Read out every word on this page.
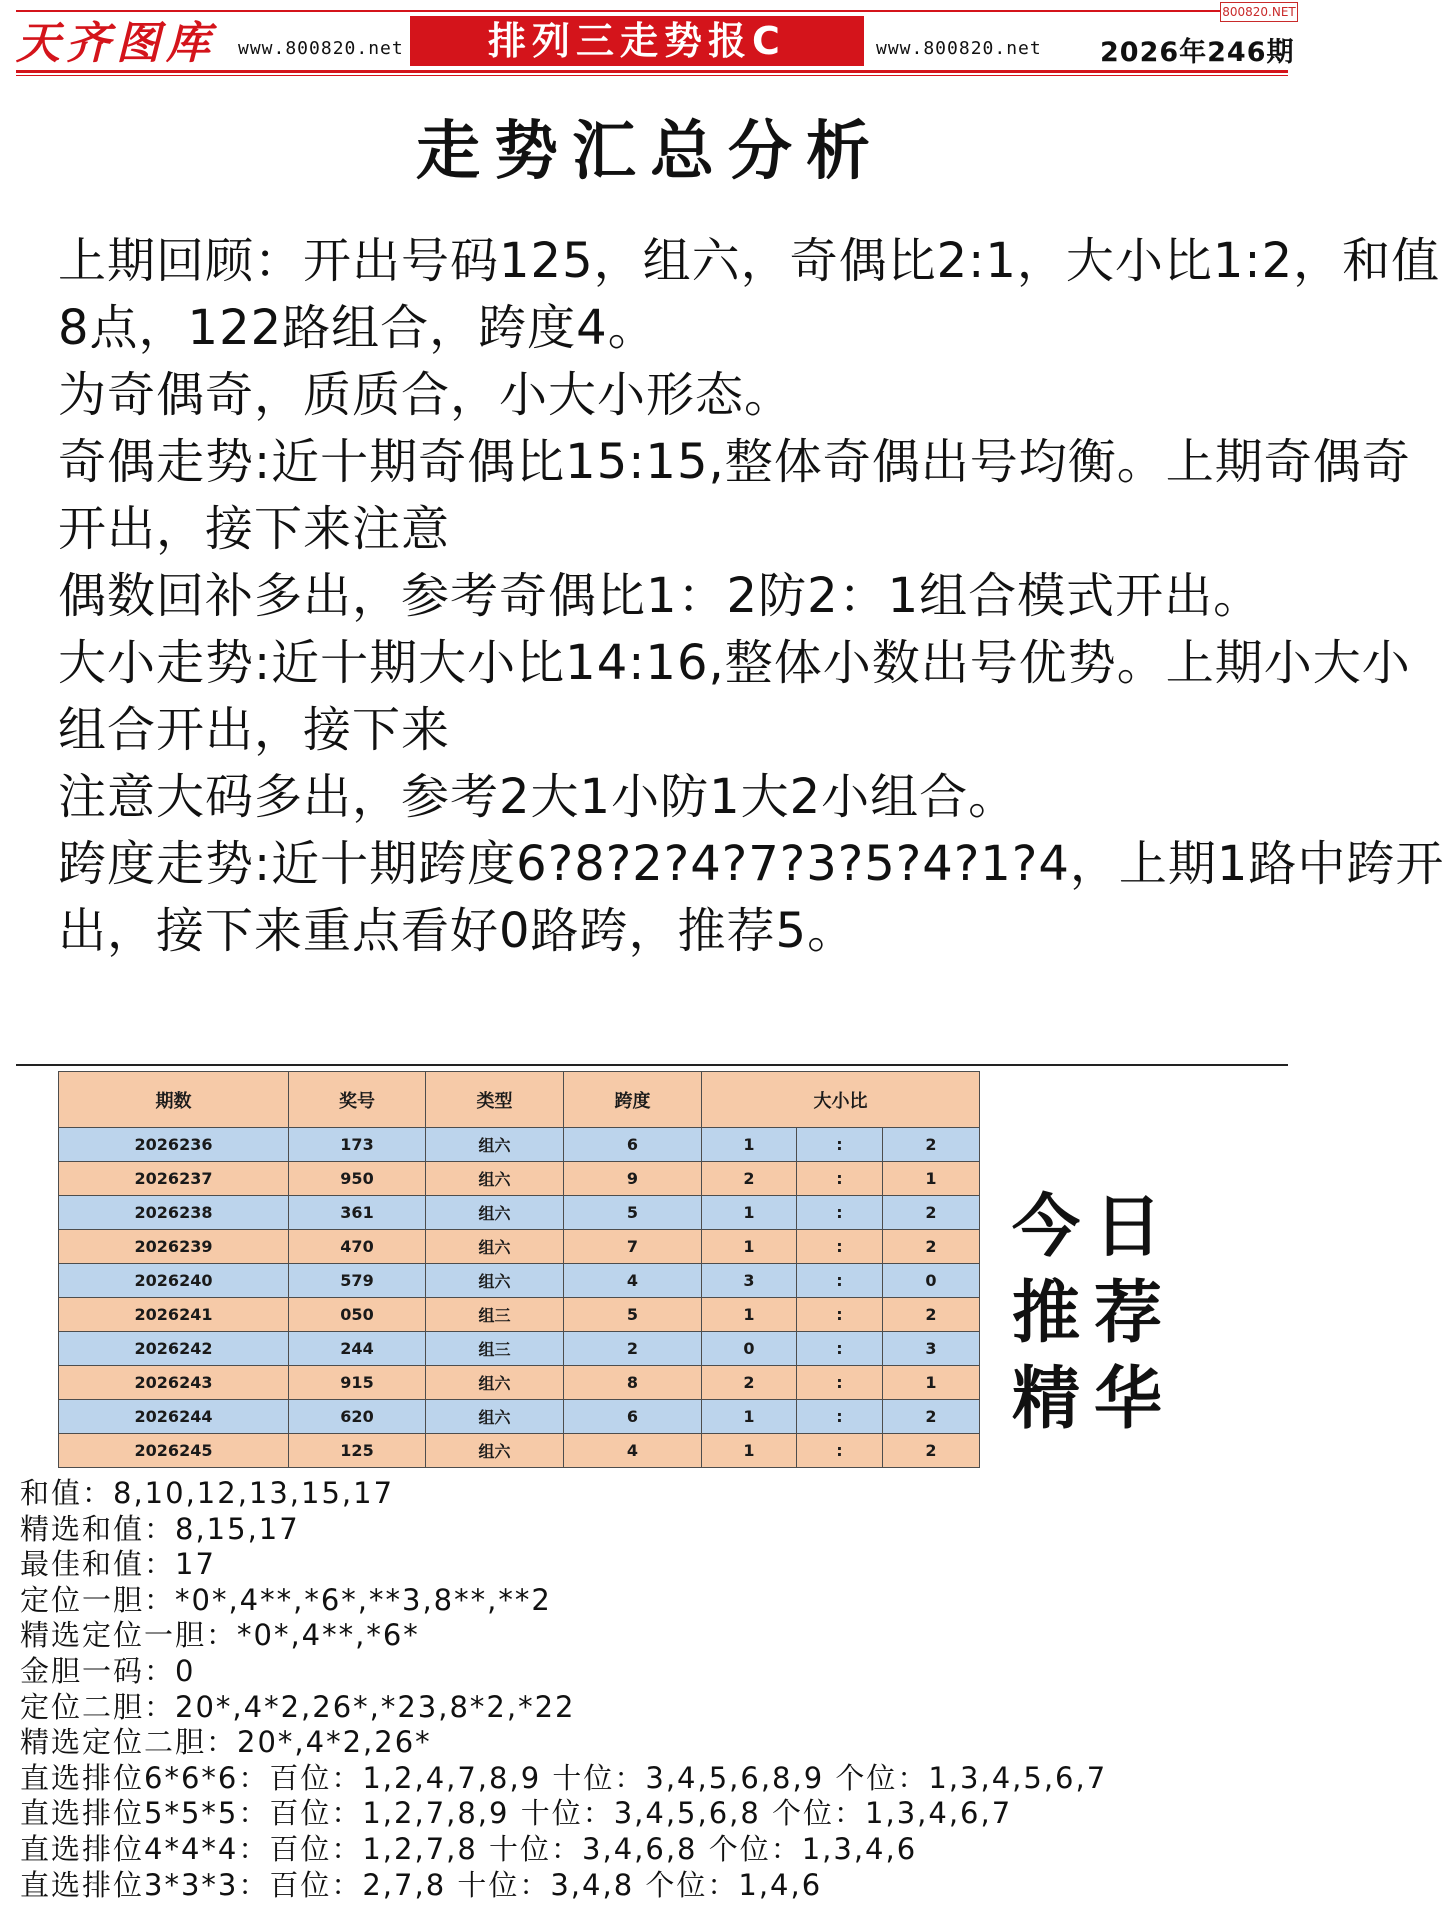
天齐图库 www.800820.net	排列三走势报C	www.800820.net 2026年246期
800820.NET
走势汇总分析
上期回顾：开出号码125，组六，奇偶比2:1，大小比1:2，和值
8点，122路组合，跨度4。
为奇偶奇，质质合，小大小形态。
奇偶走势:近十期奇偶比15:15,整体奇偶出号均衡。上期奇偶奇
开出，接下来注意
偶数回补多出，参考奇偶比1：2防2：1组合模式开出。
大小走势:近十期大小比14:16,整体小数出号优势。上期小大小
组合开出，接下来
注意大码多出，参考2大1小防1大2小组合。
跨度走势:近十期跨度6?8?2?4?7?3?5?4?1?4，上期1路中跨开
出，接下来重点看好0路跨，推荐5。
期数	奖号	类型	跨度	大小比		
2026236	173	组六	6	1	:	2
2026237	950	组六	9	2	:	1
2026238	361	组六	5	1	:	2
2026239	470	组六	7	1	:	2
2026240	579	组六	4	3	:	0
2026241	050	组三	5	1	:	2
2026242	244	组三	2	0	:	3
2026243	915	组六	8	2	:	1
2026244	620	组六	6	1	:	2
2026245	125	组六	4	1	:	2
今日
推荐
精华
和值：8,10,12,13,15,17
精选和值：8,15,17
最佳和值：17
定位一胆：*0*,4**,*6*,**3,8**,**2
精选定位一胆：*0*,4**,*6*
金胆一码：0
定位二胆：20*,4*2,26*,*23,8*2,*22
精选定位二胆：20*,4*2,26*
直选排位6*6*6：百位：1,2,4,7,8,9 十位：3,4,5,6,8,9 个位：1,3,4,5,6,7
直选排位5*5*5：百位：1,2,7,8,9 十位：3,4,5,6,8 个位：1,3,4,6,7
直选排位4*4*4：百位：1,2,7,8 十位：3,4,6,8 个位：1,3,4,6
直选排位3*3*3：百位：2,7,8 十位：3,4,8 个位：1,4,6
